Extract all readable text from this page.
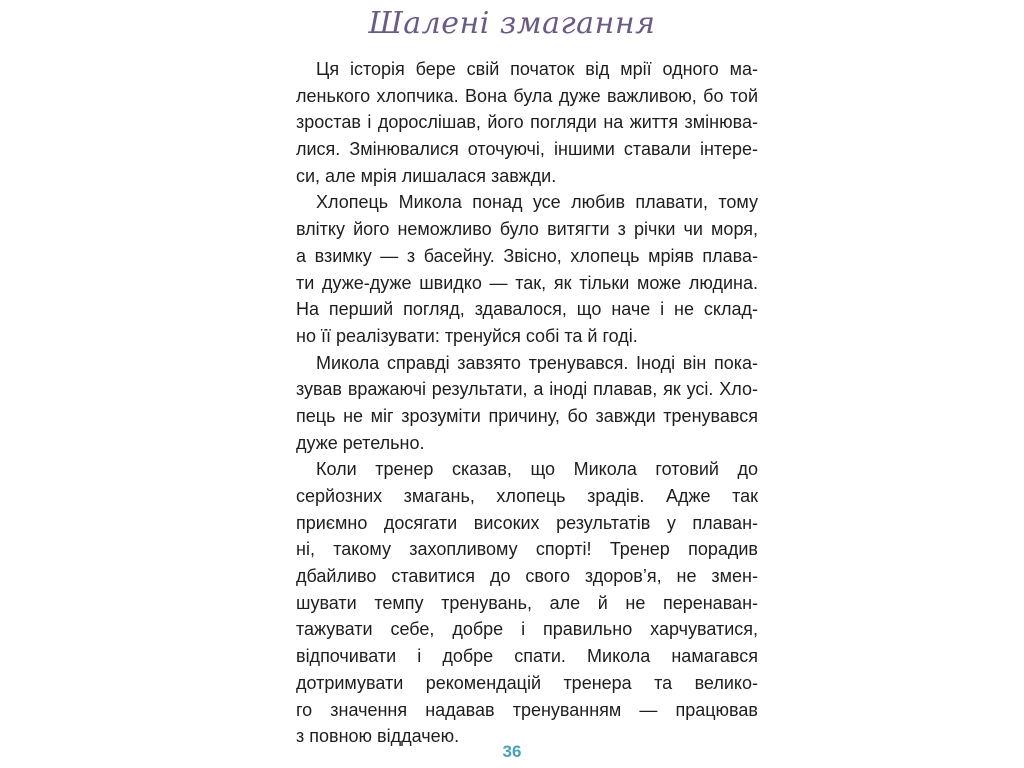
Шалені змагання
Ця історія бере свій початок від мрії одного ма-
ленького хлопчика. Вона була дуже важливою, бо той
зростав і дорослішав, його погляди на життя змінюва-
лися. Змінювалися оточуючі, іншими ставали інтере-
си, але мрія лишалася завжди.
Хлопець Микола понад усе любив плавати, тому
влітку його неможливо було витягти з річки чи моря,
а взимку — з басейну. Звісно, хлопець мріяв плава-
ти дуже-дуже швидко — так, як тільки може людина.
На перший погляд, здавалося, що наче і не склад-
но її реалізувати: тренуйся собі та й годі.
Микола справді завзято тренувався. Іноді він пока-
зував вражаючі результати, а іноді плавав, як усі. Хло-
пець не міг зрозуміти причину, бо завжди тренувався
дуже ретельно.
Коли тренер сказав, що Микола готовий до
серйозних змагань, хлопець зрадів. Адже так
приємно досягати високих результатів у плаван-
ні, такому захопливому спорті! Тренер порадив
дбайливо ставитися до свого здоров’я, не змен-
шувати темпу тренувань, але й не перенаван-
тажувати себе, добре і правильно харчуватися,
відпочивати і добре спати. Микола намагався
дотримувати рекомендацій тренера та велико-
го значення надавав тренуванням — працював
з повною віддачею.
36
